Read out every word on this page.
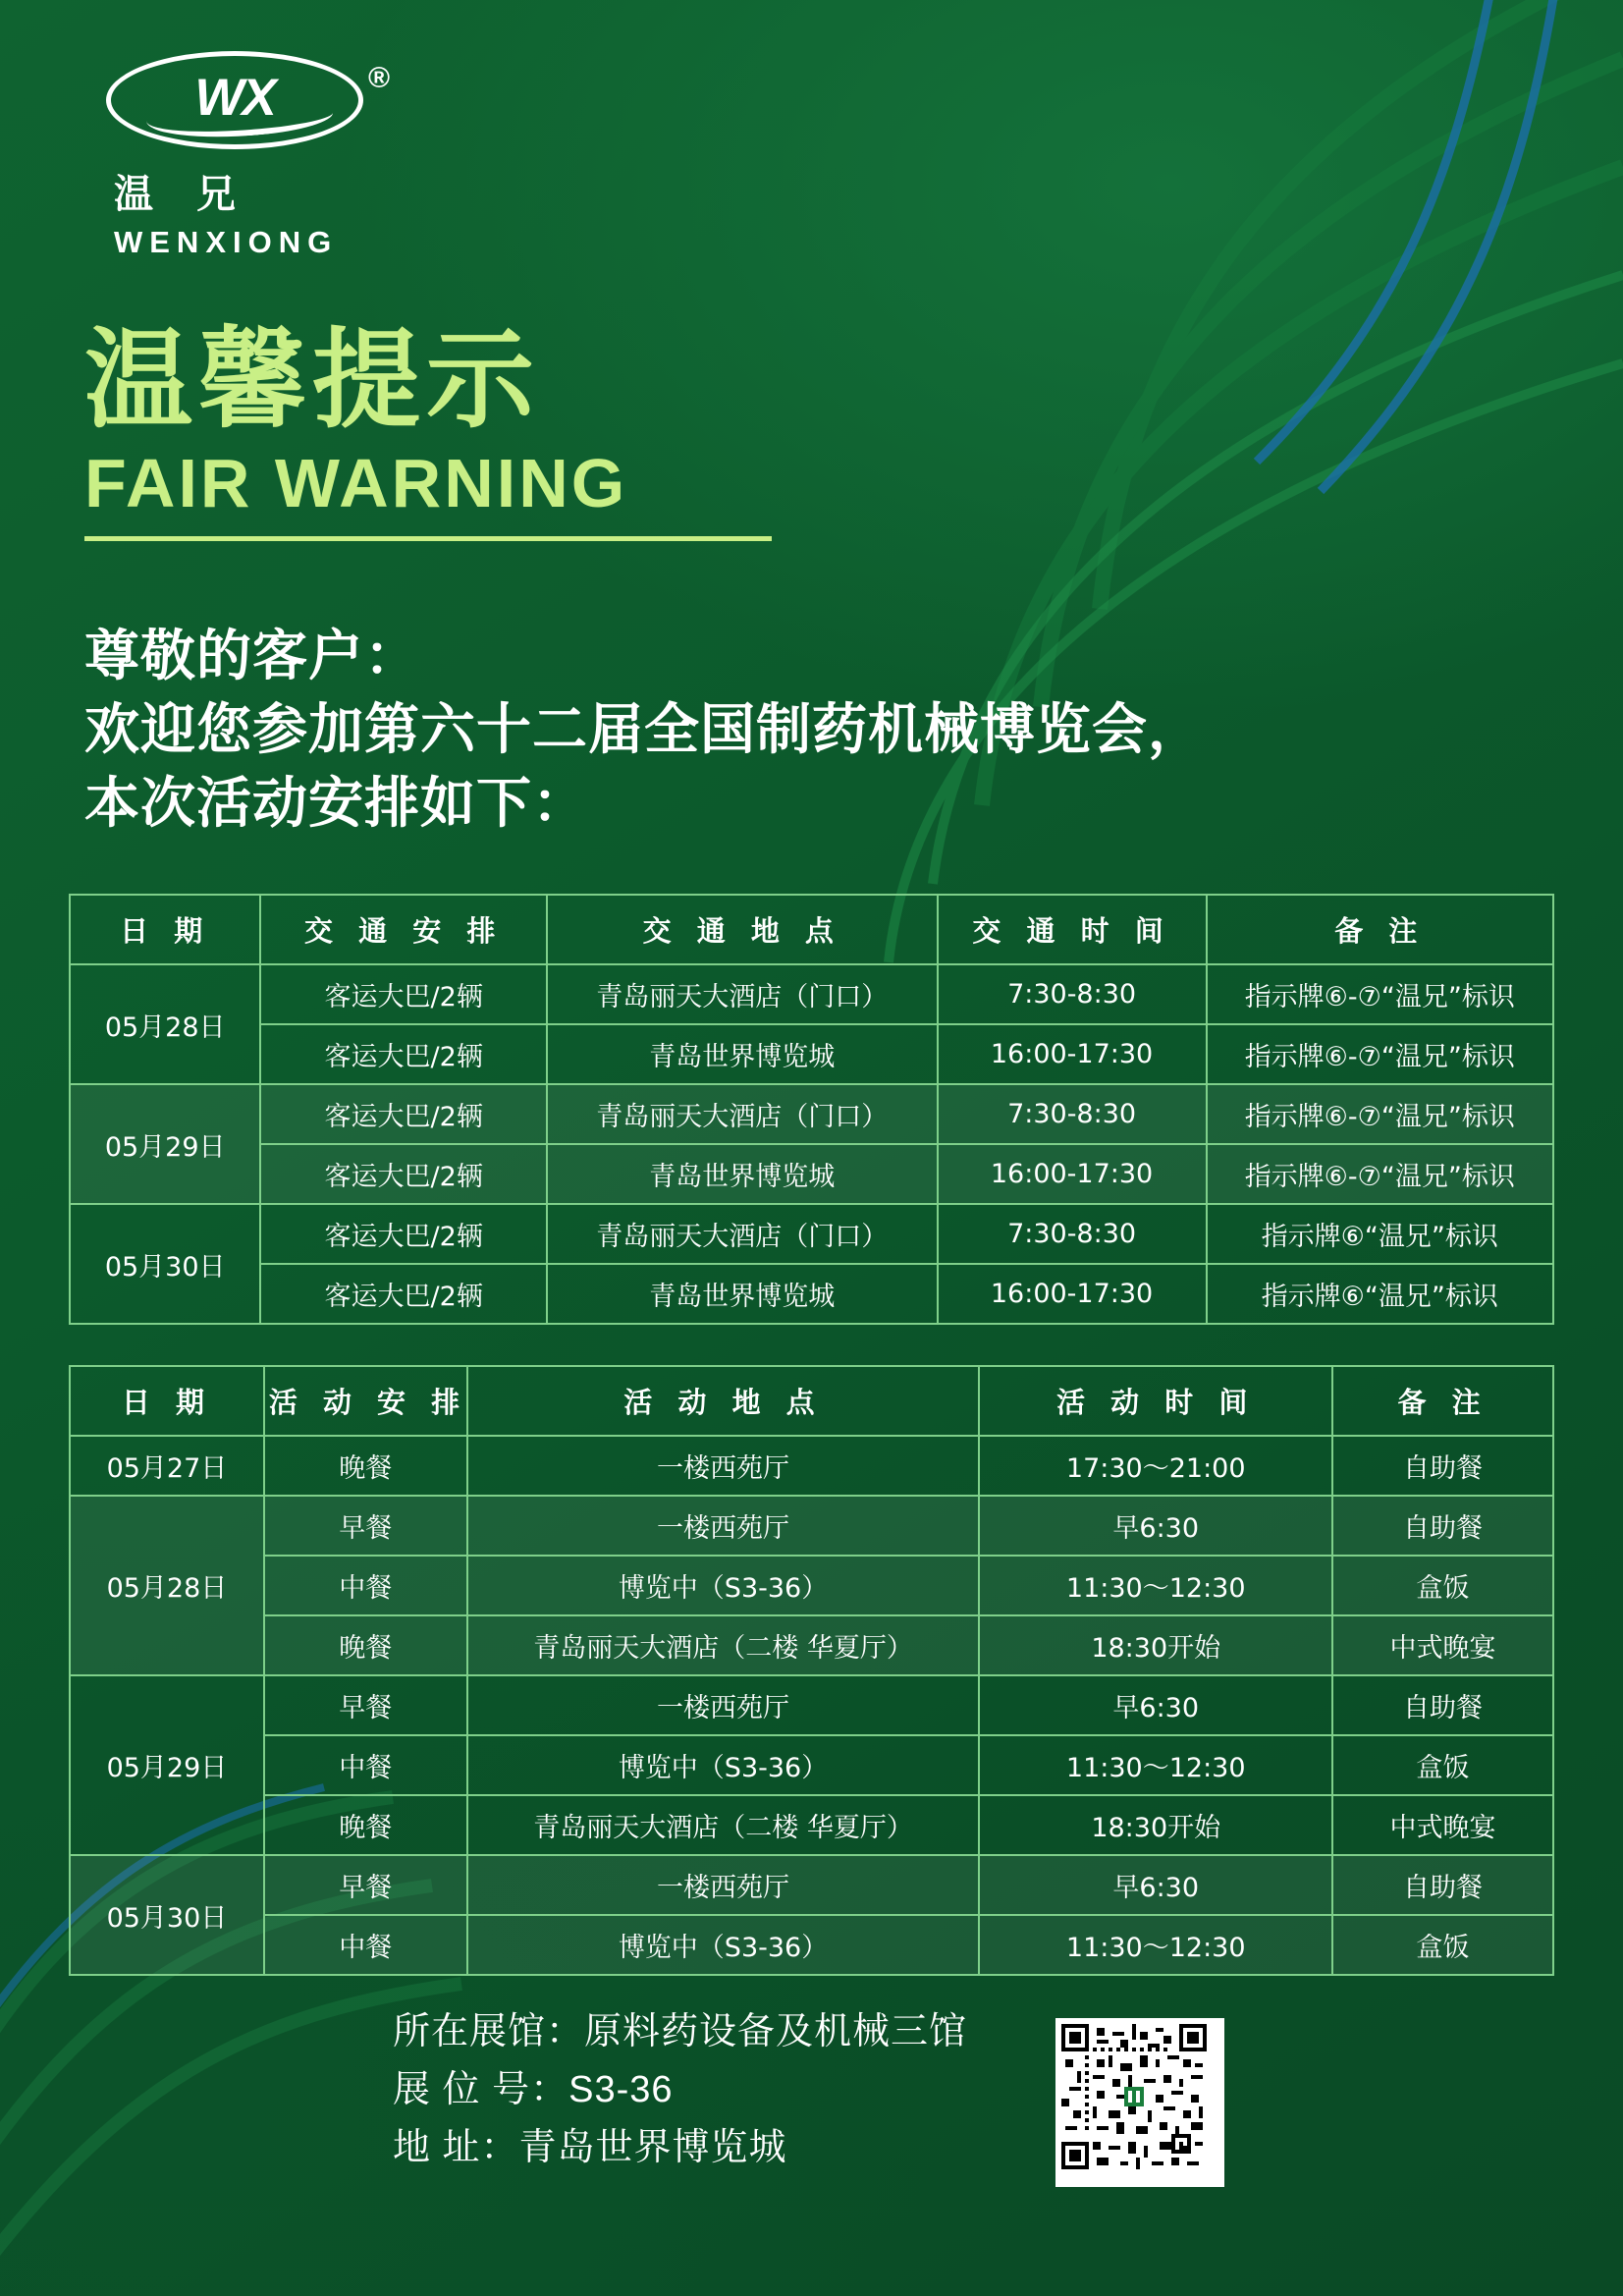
WX	®
温兄
WENXIONG
温馨提示
FAIR WARNING
尊敬的客户：
欢迎您参加第六十二届全国制药机械博览会，
本次活动安排如下：
日 期	交 通 安 排	交 通 地 点	交 通 时 间	备 注
05月28日	客运大巴/2辆	青岛丽天大酒店（门口）	7:30-8:30	指示牌⑥-⑦“温兄”标识
	客运大巴/2辆	青岛世界博览城	16:00-17:30	指示牌⑥-⑦“温兄”标识
05月29日	客运大巴/2辆	青岛丽天大酒店（门口）	7:30-8:30	指示牌⑥-⑦“温兄”标识
	客运大巴/2辆	青岛世界博览城	16:00-17:30	指示牌⑥-⑦“温兄”标识
05月30日	客运大巴/2辆	青岛丽天大酒店（门口）	7:30-8:30	指示牌⑥“温兄”标识
	客运大巴/2辆	青岛世界博览城	16:00-17:30	指示牌⑥“温兄”标识
日 期	活 动 安 排	活 动 地 点	活 动 时 间	备 注
05月27日	晚餐	一楼西苑厅	17:30～21:00	自助餐
05月28日	早餐	一楼西苑厅	早6:30	自助餐
	中餐	博览中（S3-36）	11:30～12:30	盒饭
	晚餐	青岛丽天大酒店（二楼 华夏厅）	18:30开始	中式晚宴
05月29日	早餐	一楼西苑厅	早6:30	自助餐
	中餐	博览中（S3-36）	11:30～12:30	盒饭
	晚餐	青岛丽天大酒店（二楼 华夏厅）	18:30开始	中式晚宴
05月30日	早餐	一楼西苑厅	早6:30	自助餐
	中餐	博览中（S3-36）	11:30～12:30	盒饭
所在展馆：原料药设备及机械三馆
展 位 号：S3-36
地 址：青岛世界博览城
